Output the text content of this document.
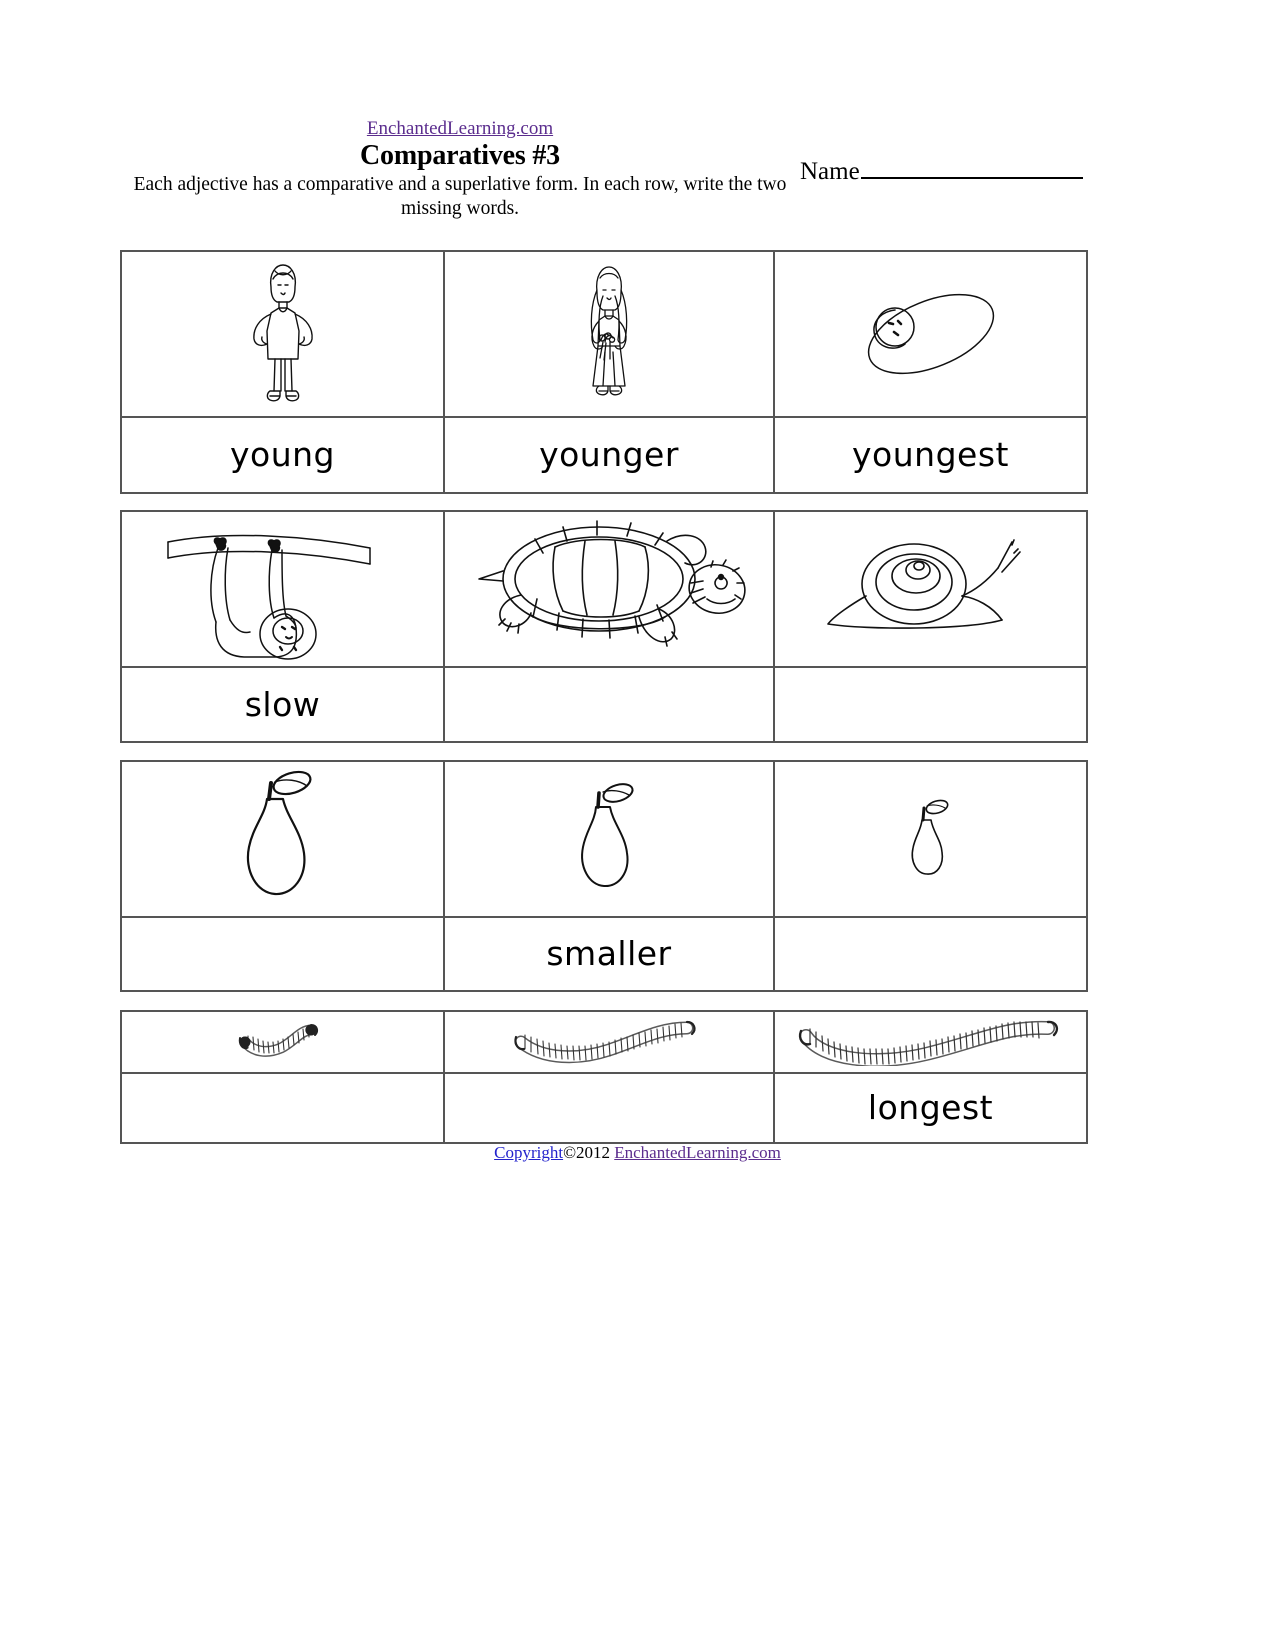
EnchantedLearning.com
Comparatives #3
Each adjective has a comparative and a superlative form. In each row, write the two missing words.
Name
young	younger	youngest
slow
smaller
longest
Copyright©2012 EnchantedLearning.com
